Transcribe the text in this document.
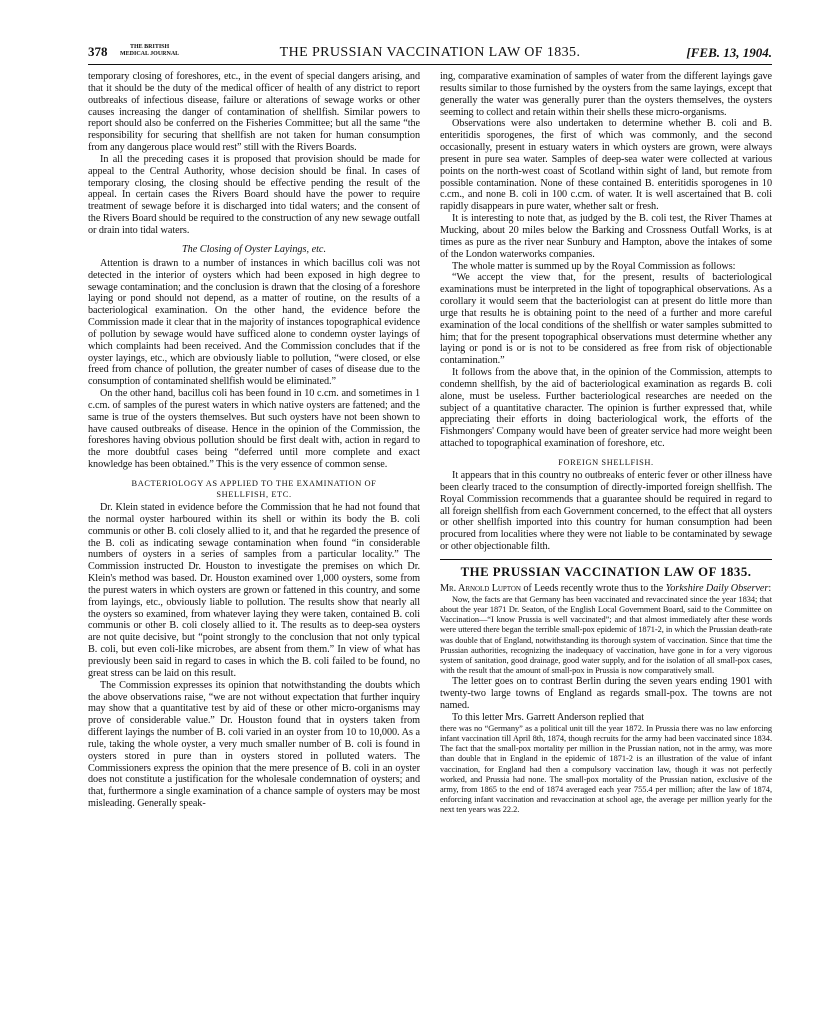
378	THE BRITISH
MEDICAL JOURNAL	THE PRUSSIAN VACCINATION LAW OF 1835.	[FEB. 13, 1904.

temporary closing of foreshores, etc., in the event of special dangers arising, and that it should be the duty of the medical officer of health of any district to report outbreaks of infectious disease, failure or alterations of sewage works or other causes increasing the danger of contamination of shellfish. Similar powers to report should also be conferred on the Fisheries Committee; but all the same “the responsibility for securing that shellfish are not taken for human consumption from any dangerous place would rest” still with the Rivers Boards.

In all the preceding cases it is proposed that provision should be made for appeal to the Central Authority, whose decision should be final. In cases of temporary closing, the closing should be effective pending the result of the appeal. In certain cases the Rivers Board should have the power to require treatment of sewage before it is discharged into tidal waters; and the consent of the Rivers Board should be required to the construction of any new sewage outfall or drain into tidal waters.

The Closing of Oyster Layings, etc.

Attention is drawn to a number of instances in which bacillus coli was not detected in the interior of oysters which had been exposed in high degree to sewage contamination; and the conclusion is drawn that the closing of a foreshore laying or pond should not depend, as a matter of routine, on the results of a bacteriological examination. On the other hand, the evidence before the Commission made it clear that in the majority of instances topographical evidence of pollution by sewage would have sufficed alone to condemn oyster layings of which complaints had been received. And the Commission concludes that if the oyster layings, etc., which are obviously liable to pollution, “were closed, or else freed from chance of pollution, the greater number of cases of disease due to the consumption of contaminated shellfish would be eliminated.”

On the other hand, bacillus coli has been found in 10 c.cm. and sometimes in 1 c.cm. of samples of the purest waters in which native oysters are fattened; and the same is true of the oysters themselves. But such oysters have not been shown to have caused outbreaks of disease. Hence in the opinion of the Commission, the foreshores having obvious pollution should be first dealt with, action in regard to the more doubtful cases being “deferred until more complete and exact knowledge has been obtained.” This is the very essence of common sense.

BACTERIOLOGY AS APPLIED TO THE EXAMINATION OF
SHELLFISH, ETC.

Dr. Klein stated in evidence before the Commission that he had not found that the normal oyster harboured within its shell or within its body the B. coli communis or other B. coli closely allied to it, and that he regarded the presence of the B. coli as indicating sewage contamination when found “in considerable numbers of oysters in a series of samples from a particular locality.” The Commission instructed Dr. Houston to investigate the premises on which Dr. Klein's method was based. Dr. Houston examined over 1,000 oysters, some from the purest waters in which oysters are grown or fattened in this country, and some from layings, etc., obviously liable to pollution. The results show that nearly all the oysters so examined, from whatever laying they were taken, contained B. coli communis or other B. coli closely allied to it. The results as to deep-sea oysters are not quite decisive, but “point strongly to the conclusion that not only typical B. coli, but even coli-like microbes, are absent from them.” In view of what has previously been said in regard to cases in which the B. coli failed to be found, no great stress can be laid on this result.

The Commission expresses its opinion that notwithstanding the doubts which the above observations raise, “we are not without expectation that further inquiry may show that a quantitative test by aid of these or other micro-organisms may prove of considerable value.” Dr. Houston found that in oysters taken from different layings the number of B. coli varied in an oyster from 10 to 10,000. As a rule, taking the whole oyster, a very much smaller number of B. coli is found in oysters stored in pure than in oysters stored in polluted waters. The Commissioners express the opinion that the mere presence of B. coli in an oyster does not constitute a justification for the wholesale condemnation of oysters; and that, furthermore a single examination of a chance sample of oysters may be most misleading. Generally speak-

ing, comparative examination of samples of water from the different layings gave results similar to those furnished by the oysters from the same layings, except that generally the water was generally purer than the oysters themselves, the oysters seeming to collect and retain within their shells these micro-organisms.

Observations were also undertaken to determine whether B. coli and B. enteritidis sporogenes, the first of which was commonly, and the second occasionally, present in estuary waters in which oysters are grown, were always present in pure sea water. Samples of deep-sea water were collected at various points on the north-west coast of Scotland within sight of land, but remote from possible contamination. None of these contained B. enteritidis sporogenes in 10 c.cm., and none B. coli in 100 c.cm. of water. It is well ascertained that B. coli rapidly disappears in pure water, whether salt or fresh.

It is interesting to note that, as judged by the B. coli test, the River Thames at Mucking, about 20 miles below the Barking and Crossness Outfall Works, is at times as pure as the river near Sunbury and Hampton, above the intakes of some of the London waterworks companies.

The whole matter is summed up by the Royal Commission as follows:

“We accept the view that, for the present, results of bacteriological examinations must be interpreted in the light of topographical observations. As a corollary it would seem that the bacteriologist can at present do little more than urge that results he is obtaining point to the need of a further and more careful examination of the local conditions of the shellfish or water samples submitted to him; that for the present topographical observations must determine whether any laying or pond is or is not to be considered as free from risk of objectionable contamination.”

It follows from the above that, in the opinion of the Commission, attempts to condemn shellfish, by the aid of bacteriological examination as regards B. coli alone, must be useless. Further bacteriological researches are needed on the subject of a quantitative character. The opinion is further expressed that, while appreciating their efforts in doing bacteriological work, the efforts of the Fishmongers' Company would have been of greater service had more weight been attached to topographical examination of foreshore, etc.

FOREIGN SHELLFISH.

It appears that in this country no outbreaks of enteric fever or other illness have been clearly traced to the consumption of directly-imported foreign shellfish. The Royal Commission recommends that a guarantee should be required in regard to all foreign shellfish from each Government concerned, to the effect that all oysters or other shellfish imported into this country for human consumption had been procured from localities where they were not liable to be contaminated by sewage or other objectionable filth.

THE PRUSSIAN VACCINATION LAW OF 1835.

Mr. Arnold Lupton of Leeds recently wrote thus to the Yorkshire Daily Observer:

Now, the facts are that Germany has been vaccinated and revaccinated since the year 1834; that about the year 1871 Dr. Seaton, of the English Local Government Board, said to the Committee on Vaccination—“I know Prussia is well vaccinated”; and that almost immediately after these words were uttered there began the terrible small-pox epidemic of 1871-2, in which the Prussian death-rate was double that of England, notwithstanding its thorough system of vaccination. Since that time the Prussian authorities, recognizing the inadequacy of vaccination, have gone in for a very vigorous system of sanitation, good drainage, good water supply, and for the isolation of all small-pox cases, with the result that the amount of small-pox in Prussia is now comparatively small.

The letter goes on to contrast Berlin during the seven years ending 1901 with twenty-two large towns of England as regards small-pox. The towns are not named.

To this letter Mrs. Garrett Anderson replied that

there was no “Germany” as a political unit till the year 1872. In Prussia there was no law enforcing infant vaccination till April 8th, 1874, though recruits for the army had been vaccinated since 1834. The fact that the small-pox mortality per million in the Prussian nation, not in the army, was more than double that in England in the epidemic of 1871-2 is an illustration of the value of infant vaccination, for England had then a compulsory vaccination law, though it was not perfectly worked, and Prussia had none. The small-pox mortality of the Prussian nation, exclusive of the army, from 1865 to the end of 1874 averaged each year 755.4 per million; after the law of 1874, enforcing infant vaccination and revaccination at school age, the average per million yearly for the next ten years was 22.2.
